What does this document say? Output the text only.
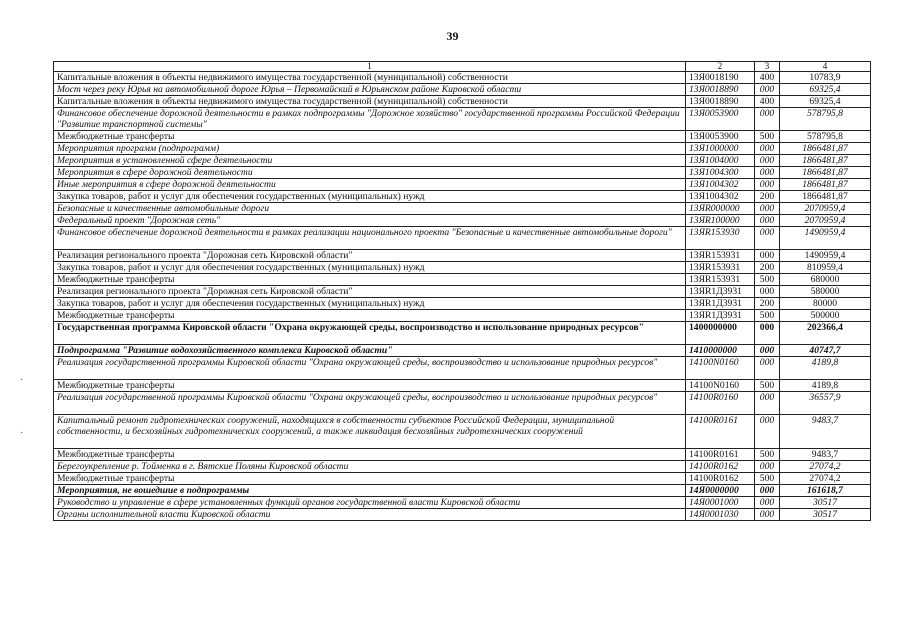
39
·
·
1	2	3	4
Капитальные вложения в объекты недвижимого имущества государственной (муниципальной) собственности	13Я0018190	400	10783,9
Мост через реку Юрья на автомобильной дороге Юрья – Первомайский в Юрьянском районе Кировской области	13Я0018890	000	69325,4
Капитальные вложения в объекты недвижимого имущества государственной (муниципальной) собственности	13Я0018890	400	69325,4
Финансовое обеспечение дорожной деятельности в рамках подпрограммы "Дорожное хозяйство" государственной программы Российской Федерации "Развитие транспортной системы"	13Я0053900	000	578795,8
Межбюджетные трансферты	13Я0053900	500	578795,8
Мероприятия программ (подпрограмм)	13Я1000000	000	1866481,87
Мероприятия в установленной сфере деятельности	13Я1004000	000	1866481,87
Мероприятия в сфере дорожной деятельности	13Я1004300	000	1866481,87
Иные мероприятия в сфере дорожной деятельности	13Я1004302	000	1866481,87
Закупка товаров, работ и услуг для обеспечения государственных (муниципальных) нужд	13Я1004302	200	1866481,87
Безопасные и качественные автомобильные дороги	13ЯR000000	000	2070959,4
Федеральный проект "Дорожная сеть"	13ЯR100000	000	2070959,4
Финансовое обеспечение дорожной деятельности в рамках реализации национального проекта "Безопасные и качественные автомобильные дороги"	13ЯR153930	000	1490959,4
Реализация регионального проекта "Дорожная сеть Кировской области"	13ЯR153931	000	1490959,4
Закупка товаров, работ и услуг для обеспечения государственных (муниципальных) нужд	13ЯR153931	200	810959,4
Межбюджетные трансферты	13ЯR153931	500	680000
Реализация регионального проекта "Дорожная сеть Кировской области"	13ЯR1Д3931	000	580000
Закупка товаров, работ и услуг для обеспечения государственных (муниципальных) нужд	13ЯR1Д3931	200	80000
Межбюджетные трансферты	13ЯR1Д3931	500	500000
Государственная программа Кировской области "Охрана окружающей среды, воспроизводство и использование природных ресурсов"	1400000000	000	202366,4
Подпрограмма "Развитие водохозяйственного комплекса Кировской области"	1410000000	000	40747,7
Реализация государственной программы Кировской области "Охрана окружающей среды, воспроизводство и использование природных ресурсов"	14100N0160	000	4189,8
Межбюджетные трансферты	14100N0160	500	4189,8
Реализация государственной программы Кировской области "Охрана окружающей среды, воспроизводство и использование природных ресурсов"	14100R0160	000	36557,9
Капитальный ремонт гидротехнических сооружений, находящихся в собственности субъектов Российской Федерации, муниципальной собственности, и бесхозяйных гидротехнических сооружений, а также ликвидация бесхозяйных гидротехнических сооружений	14100R0161	000	9483,7
Межбюджетные трансферты	14100R0161	500	9483,7
Берегоукрепление р. Тойменка в г. Вятские Поляны Кировской области	14100R0162	000	27074,2
Межбюджетные трансферты	14100R0162	500	27074,2
Мероприятия, не вошедшие в подпрограммы	14Я0000000	000	161618,7
Руководство и управление в сфере установленных функций органов государственной власти Кировской области	14Я0001000	000	30517
Органы исполнительной власти Кировской области	14Я0001030	000	30517
